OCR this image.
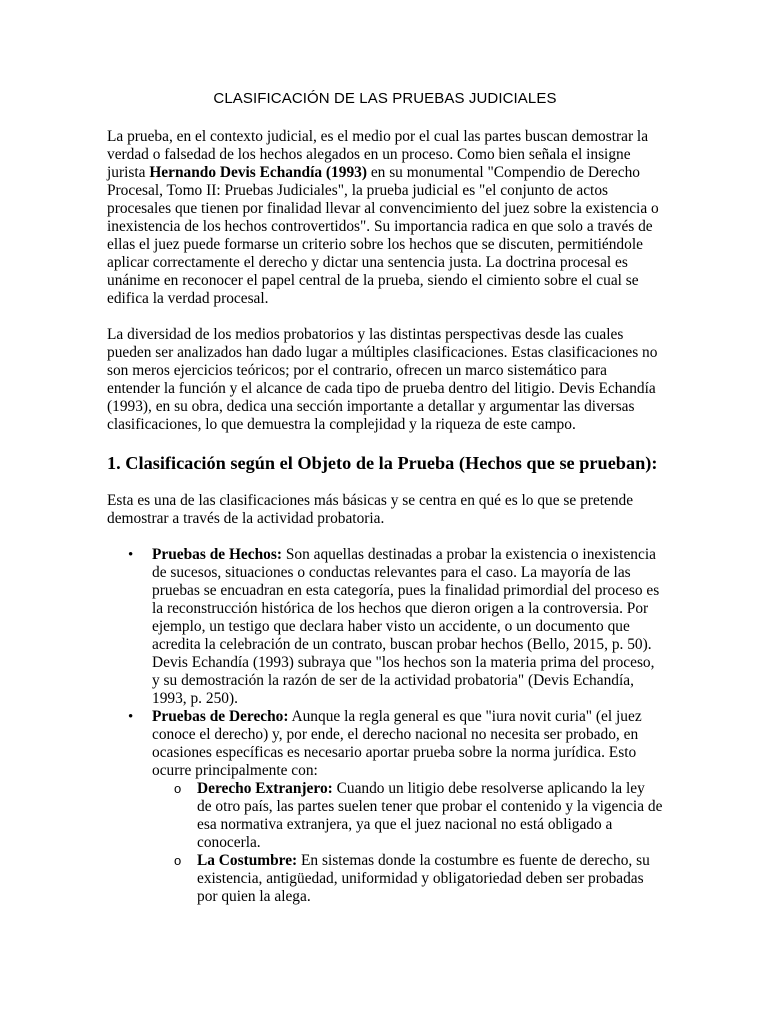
CLASIFICACIÓN DE LAS PRUEBAS JUDICIALES

La prueba, en el contexto judicial, es el medio por el cual las partes buscan demostrar la verdad o falsedad de los hechos alegados en un proceso. Como bien señala el insigne jurista Hernando Devis Echandía (1993) en su monumental "Compendio de Derecho Procesal, Tomo II: Pruebas Judiciales", la prueba judicial es "el conjunto de actos procesales que tienen por finalidad llevar al convencimiento del juez sobre la existencia o inexistencia de los hechos controvertidos". Su importancia radica en que solo a través de ellas el juez puede formarse un criterio sobre los hechos que se discuten, permitiéndole aplicar correctamente el derecho y dictar una sentencia justa. La doctrina procesal es unánime en reconocer el papel central de la prueba, siendo el cimiento sobre el cual se edifica la verdad procesal.

La diversidad de los medios probatorios y las distintas perspectivas desde las cuales pueden ser analizados han dado lugar a múltiples clasificaciones. Estas clasificaciones no son meros ejercicios teóricos; por el contrario, ofrecen un marco sistemático para entender la función y el alcance de cada tipo de prueba dentro del litigio. Devis Echandía (1993), en su obra, dedica una sección importante a detallar y argumentar las diversas clasificaciones, lo que demuestra la complejidad y la riqueza de este campo.

1. Clasificación según el Objeto de la Prueba (Hechos que se prueban):

Esta es una de las clasificaciones más básicas y se centra en qué es lo que se pretende demostrar a través de la actividad probatoria.

• Pruebas de Hechos: Son aquellas destinadas a probar la existencia o inexistencia de sucesos, situaciones o conductas relevantes para el caso. La mayoría de las pruebas se encuadran en esta categoría, pues la finalidad primordial del proceso es la reconstrucción histórica de los hechos que dieron origen a la controversia. Por ejemplo, un testigo que declara haber visto un accidente, o un documento que acredita la celebración de un contrato, buscan probar hechos (Bello, 2015, p. 50). Devis Echandía (1993) subraya que "los hechos son la materia prima del proceso, y su demostración la razón de ser de la actividad probatoria" (Devis Echandía, 1993, p. 250).
• Pruebas de Derecho: Aunque la regla general es que "iura novit curia" (el juez conoce el derecho) y, por ende, el derecho nacional no necesita ser probado, en ocasiones específicas es necesario aportar prueba sobre la norma jurídica. Esto ocurre principalmente con:
o Derecho Extranjero: Cuando un litigio debe resolverse aplicando la ley de otro país, las partes suelen tener que probar el contenido y la vigencia de esa normativa extranjera, ya que el juez nacional no está obligado a conocerla.
o La Costumbre: En sistemas donde la costumbre es fuente de derecho, su existencia, antigüedad, uniformidad y obligatoriedad deben ser probadas por quien la alega.
